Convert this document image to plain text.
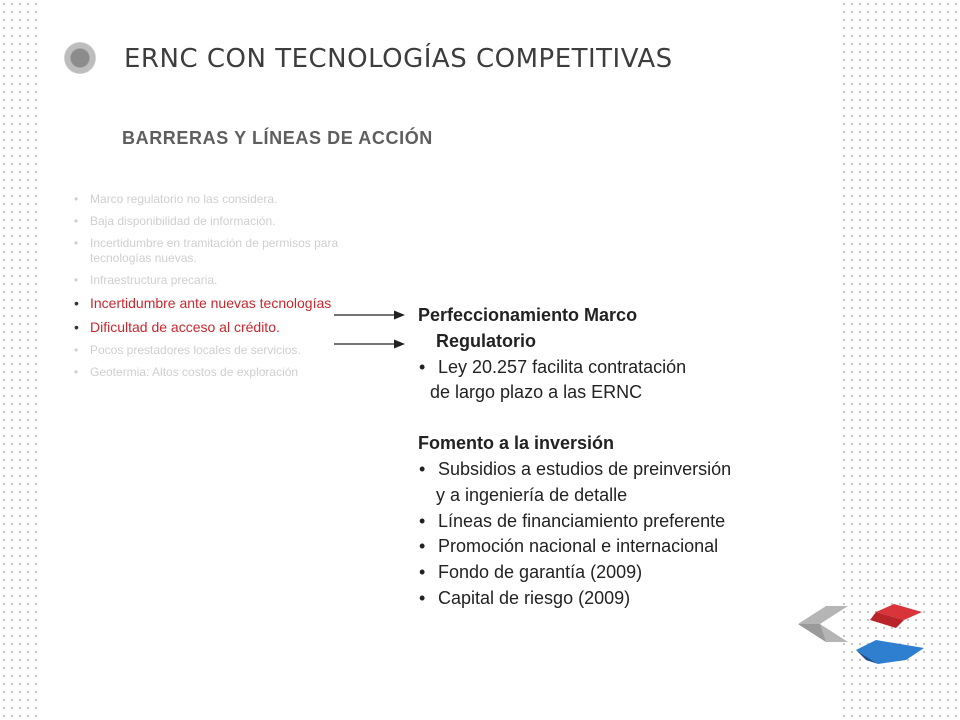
ERNC CON TECNOLOGÍAS COMPETITIVAS
BARRERAS Y LÍNEAS DE ACCIÓN
• Marco regulatorio no las considera.
• Baja disponibilidad de información.
• Incertidumbre en tramitación de permisos para tecnologías nuevas.
• Infraestructura precaria.
• Incertidumbre ante nuevas tecnologías
• Dificultad de acceso al crédito.
• Pocos prestadores locales de servicios.
• Geotermia: Altos costos de exploración
Perfeccionamiento Marco
Regulatorio
• Ley 20.257 facilita contratación
de largo plazo a las ERNC
Fomento a la inversión
• Subsidios a estudios de preinversión
y a ingeniería de detalle
• Líneas de financiamiento preferente
• Promoción nacional e internacional
• Fondo de garantía (2009)
• Capital de riesgo (2009)
